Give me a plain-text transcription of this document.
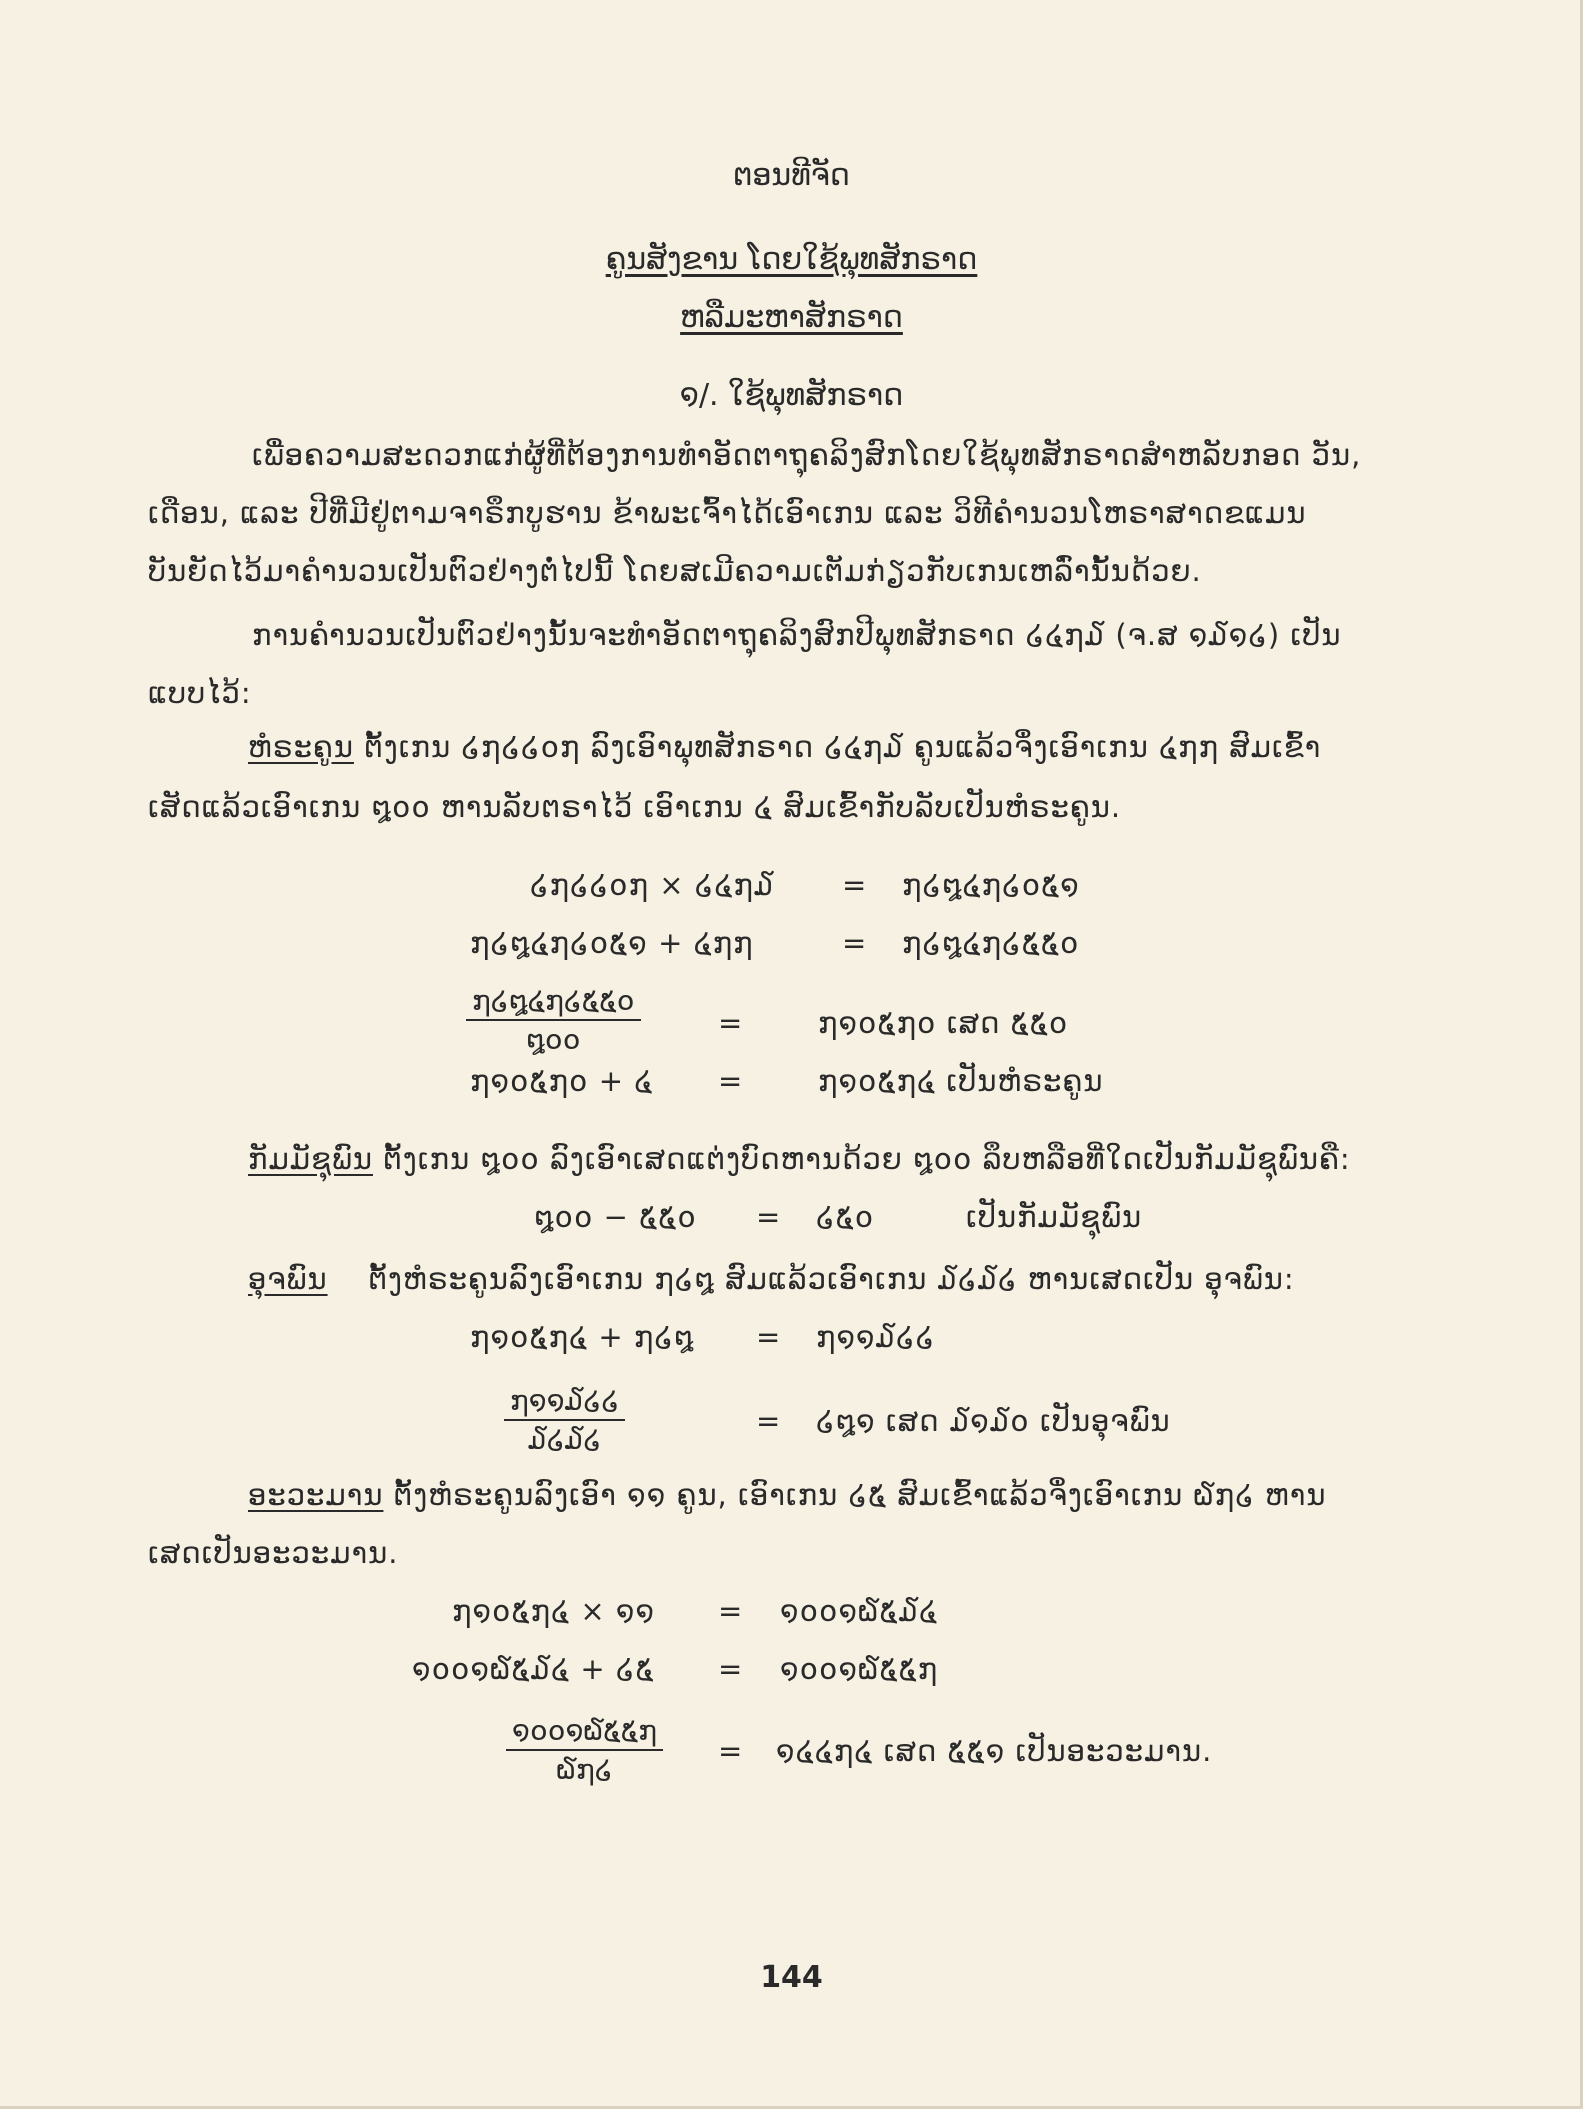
ຕອນທີຈັດ
ຄູນສັງຂານ ໂດຍໃຊ້ພຸທສັກຣາດ
ຫລືມະຫາສັກຣາດ
໑/. ໃຊ້ພຸທສັກຣາດ
ເພື່ອຄວາມສະດວກແກ່ຜູ້ທີ່ຕ້ອງການທຳອັດຕາຖຸຄລິງສົກໂດຍໃຊ້ພຸທສັກຣາດສຳຫລັບກອດ ວັນ,
ເດືອນ, ແລະ ປີທີ່ມີຢູ່ຕາມຈາຣຶກບູຮານ ຂ້າພະເຈົ້າໄດ້ເອົາເກນ ແລະ ວິທີຄຳນວນໂຫຣາສາດຂແມນ
ບັນຍັດໄວ້ມາຄຳນວນເປັນຕົວຢ່າງຕໍ່ໄປນີ້ ໂດຍສເມີຄວາມເຕັມກ່ຽວກັບເກນເຫລົ່ານັ້ນດ້ວຍ.
ການຄຳນວນເປັນຕົວຢ່າງນັ້ນຈະທຳອັດຕາຖຸຄລິງສົກປີພຸທສັກຣາດ ໒໔໗໓ (ຈ.ສ ໑໓໑໒) ເປັນ
ແບບໄວ້:
ຫໍຣະຄູນ ຕັ້ງເກນ ໒໗໒໒໐໗ ລົງເອົາພຸທສັກຣາດ ໒໔໗໓ ຄູນແລ້ວຈຶ່ງເອົາເກນ ໔໗໗ ສົມເຂົ້າ
ເສັດແລ້ວເອົາເກນ ໘໐໐ ຫານລັບຕຣາໄວ້ ເອົາເກນ ໔ ສົມເຂົ້າກັບລັບເປັນຫໍຣະຄູນ.
໒໗໒໒໐໗ × ໒໔໗໓ = ໗໒໘໔໗໒໐໕໑
໗໒໘໔໗໒໐໕໑ + ໔໗໗	= ໗໒໘໔໗໒໕໕໐
໗໒໘໔໗໒໕໕໐
໘໐໐	=	໗໑໐໕໗໐ ເສດ ໕໕໐
໗໑໐໕໗໐ + ໔ =	໗໑໐໕໗໔ ເປັນຫໍຣະຄູນ
ກັມມັຊຸພົນ ຕັ້ງເກນ ໘໐໐ ລົງເອົາເສດແຕ່ງບົດຫານດ້ວຍ ໘໐໐ ລຶບຫລືອທີ່ໃດເປັນກັມມັຊຸພົນຄື:
໘໐໐ − ໕໕໐ = ໒໕໐	ເປັນກັມມັຊຸພົນ
ອຸຈພົນ ຕັ້ງຫໍຣະຄູນລົງເອົາເກນ ໗໒໘ ສົມແລ້ວເອົາເກນ ໓໒໓໒ ຫານເສດເປັນ ອຸຈພົນ:
໗໑໐໕໗໔ + ໗໒໘ = ໗໑໑໓໒໒
໗໑໑໓໒໒
໓໒໓໒
= ໒໘໑ ເສດ ໓໑໓໐ ເປັນອຸຈພົນ
ອະວະມານ ຕັ້ງຫໍຣະຄູນລົງເອົາ ໑໑ ຄູນ, ເອົາເກນ ໒໕ ສົມເຂົ້າແລ້ວຈຶ່ງເອົາເກນ ໖໗໒ ຫານ
ເສດເປັນອະວະມານ.
໗໑໐໕໗໔ × ໑໑ = ໑໐໐໑໖໕໓໔
໑໐໐໑໖໕໓໔ + ໒໕ = ໑໐໐໑໖໕໕໗
໑໐໐໑໖໕໕໗
໖໗໒
= ໑໔໔໗໔ ເສດ ໕໕໑ ເປັນອະວະມານ.
144
